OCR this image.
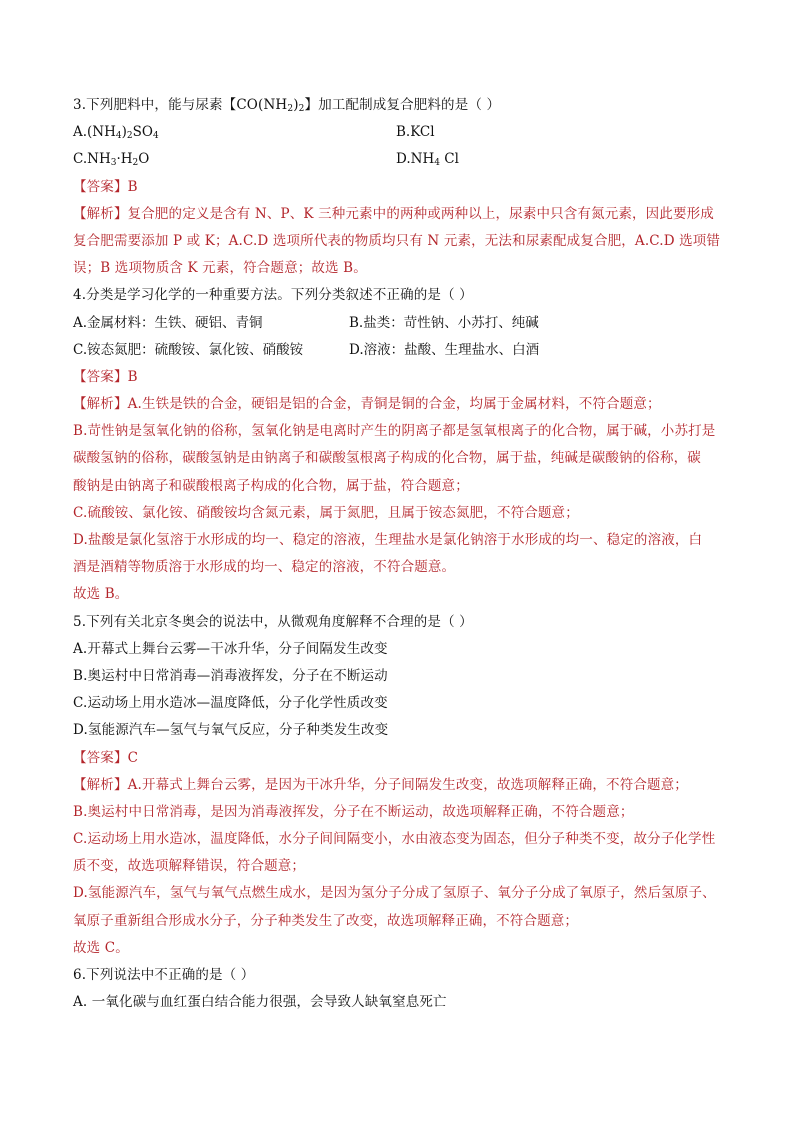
3.下列肥料中，能与尿素【$CO(NH_2)_2$】加工配制成复合肥料的是（ ）
$A.(NH_4)_2SO_4$	B.KCl
$C.NH_3\cdot H_2O$	$D.NH_4$ Cl
【答案】B
【解析】复合肥的定义是含有 N、P、K 三种元素中的两种或两种以上，尿素中只含有氮元素，因此要形成
复合肥需要添加 P 或 K；A.C.D 选项所代表的物质均只有 N 元素，无法和尿素配成复合肥，A.C.D 选项错
误；B 选项物质含 K 元素，符合题意；故选 B。
4.分类是学习化学的一种重要方法。下列分类叙述不正确的是（ ）
A.金属材料：生铁、硬铝、青铜	B.盐类：苛性钠、小苏打、纯碱
C.铵态氮肥：硫酸铵、氯化铵、硝酸铵	D.溶液：盐酸、生理盐水、白酒
【答案】B
【解析】A.生铁是铁的合金，硬铝是铝的合金，青铜是铜的合金，均属于金属材料，不符合题意；
B.苛性钠是氢氧化钠的俗称，氢氧化钠是电离时产生的阴离子都是氢氧根离子的化合物，属于碱，小苏打是
碳酸氢钠的俗称，碳酸氢钠是由钠离子和碳酸氢根离子构成的化合物，属于盐，纯碱是碳酸钠的俗称，碳
酸钠是由钠离子和碳酸根离子构成的化合物，属于盐，符合题意；
C.硫酸铵、氯化铵、硝酸铵均含氮元素，属于氮肥，且属于铵态氮肥，不符合题意；
D.盐酸是氯化氢溶于水形成的均一、稳定的溶液，生理盐水是氯化钠溶于水形成的均一、稳定的溶液，白
酒是酒精等物质溶于水形成的均一、稳定的溶液，不符合题意。
故选 B。
5.下列有关北京冬奥会的说法中，从微观角度解释不合理的是（ ）
A.开幕式上舞台云雾—干冰升华，分子间隔发生改变
B.奥运村中日常消毒—消毒液挥发，分子在不断运动
C.运动场上用水造冰—温度降低，分子化学性质改变
D.氢能源汽车—氢气与氧气反应，分子种类发生改变
【答案】C
【解析】A.开幕式上舞台云雾，是因为干冰升华，分子间隔发生改变，故选项解释正确，不符合题意；
B.奥运村中日常消毒，是因为消毒液挥发，分子在不断运动，故选项解释正确，不符合题意；
C.运动场上用水造冰，温度降低，水分子间间隔变小，水由液态变为固态，但分子种类不变，故分子化学性
质不变，故选项解释错误，符合题意；
D.氢能源汽车，氢气与氧气点燃生成水，是因为氢分子分成了氢原子、氧分子分成了氧原子，然后氢原子、
氧原子重新组合形成水分子，分子种类发生了改变，故选项解释正确，不符合题意；
故选 C。
6.下列说法中不正确的是（ ）
A. 一氧化碳与血红蛋白结合能力很强，会导致人缺氧窒息死亡
